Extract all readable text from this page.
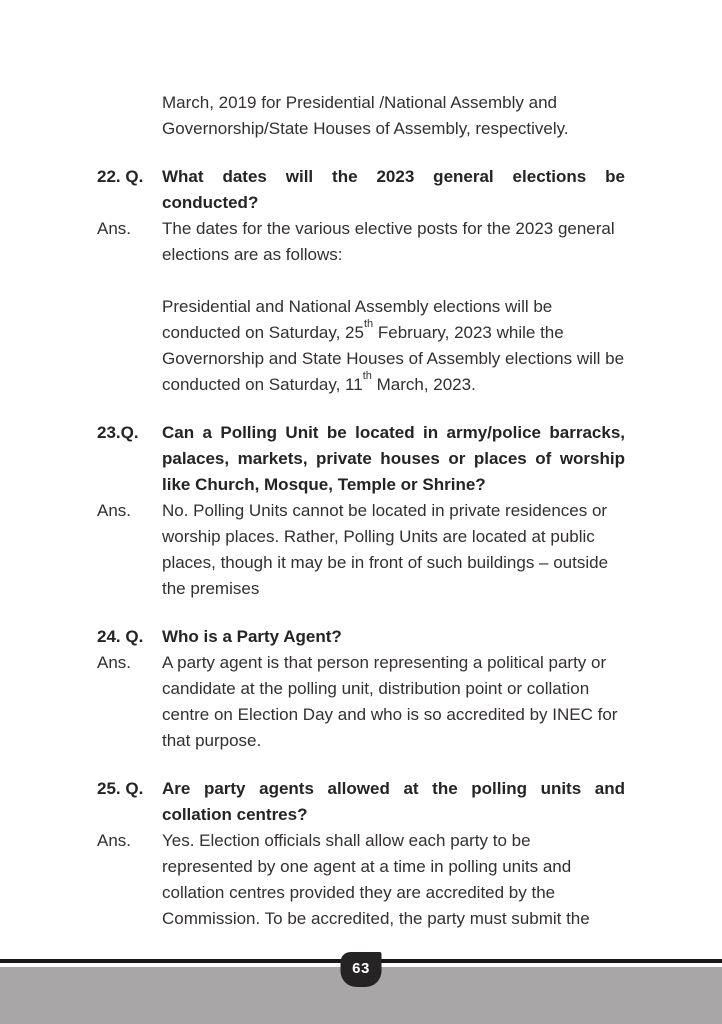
March, 2019 for Presidential /National Assembly and Governorship/State Houses of Assembly, respectively.
22. Q.	What dates will the 2023 general elections be conducted?
Ans.	The dates for the various elective posts for the 2023 general elections are as follows:
Presidential and National Assembly elections will be conducted on Saturday, 25th February, 2023 while the Governorship and State Houses of Assembly elections will be conducted on Saturday, 11th March, 2023.
23.Q.	Can a Polling Unit be located in army/police barracks, palaces, markets, private houses or places of worship like Church, Mosque, Temple or Shrine?
Ans.	No. Polling Units cannot be located in private residences or worship places. Rather, Polling Units are located at public places, though it may be in front of such buildings – outside the premises
24. Q.	Who is a Party Agent?
Ans.	A party agent is that person representing a political party or candidate at the polling unit, distribution point or collation centre on Election Day and who is so accredited by INEC for that purpose.
25. Q.	Are party agents allowed at the polling units and collation centres?
Ans.	Yes. Election officials shall allow each party to be represented by one agent at a time in polling units and collation centres provided they are accredited by the Commission. To be accredited, the party must submit the
63
